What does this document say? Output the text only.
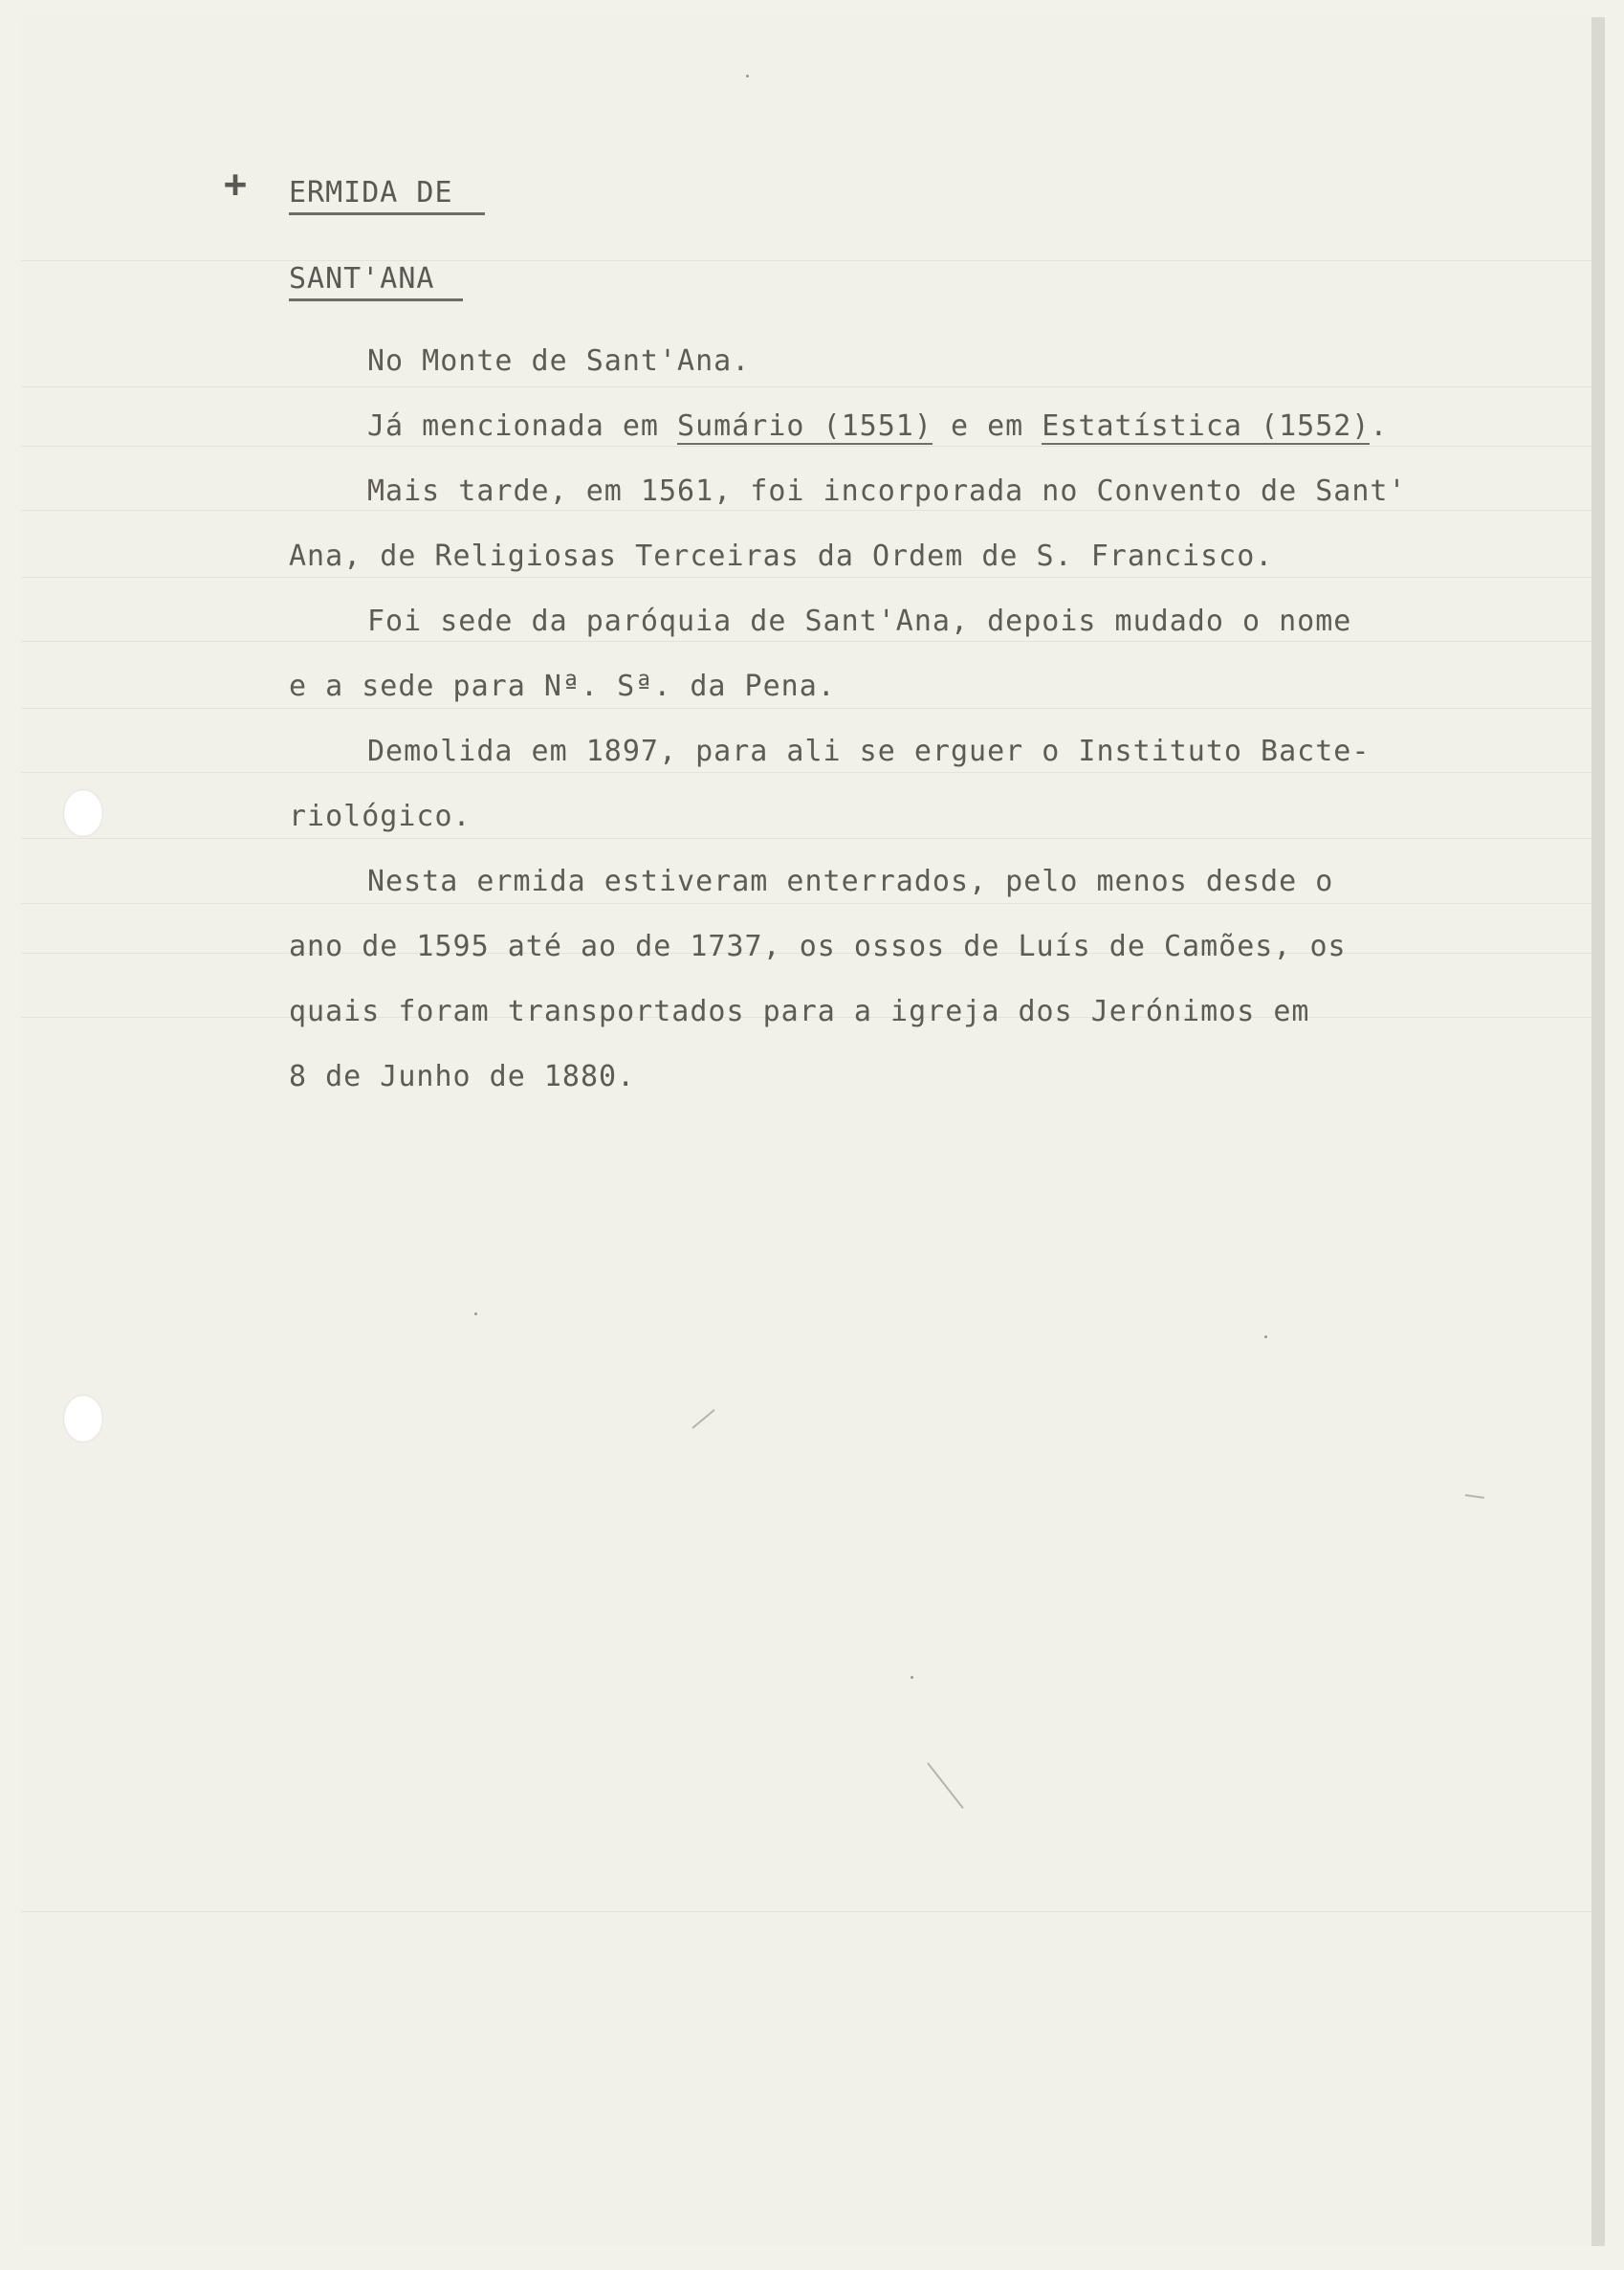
+ ERMIDA DE
SANT'ANA
No Monte de Sant'Ana.
Já mencionada em Sumário (1551) e em Estatística (1552).
Mais tarde, em 1561, foi incorporada no Convento de Sant'
Ana, de Religiosas Terceiras da Ordem de S. Francisco.
Foi sede da paróquia de Sant'Ana, depois mudado o nome
e a sede para Nª. Sª. da Pena.
Demolida em 1897, para ali se erguer o Instituto Bacte-
riológico.
Nesta ermida estiveram enterrados, pelo menos desde o
ano de 1595 até ao de 1737, os ossos de Luís de Camões, os
quais foram transportados para a igreja dos Jerónimos em
8 de Junho de 1880.
